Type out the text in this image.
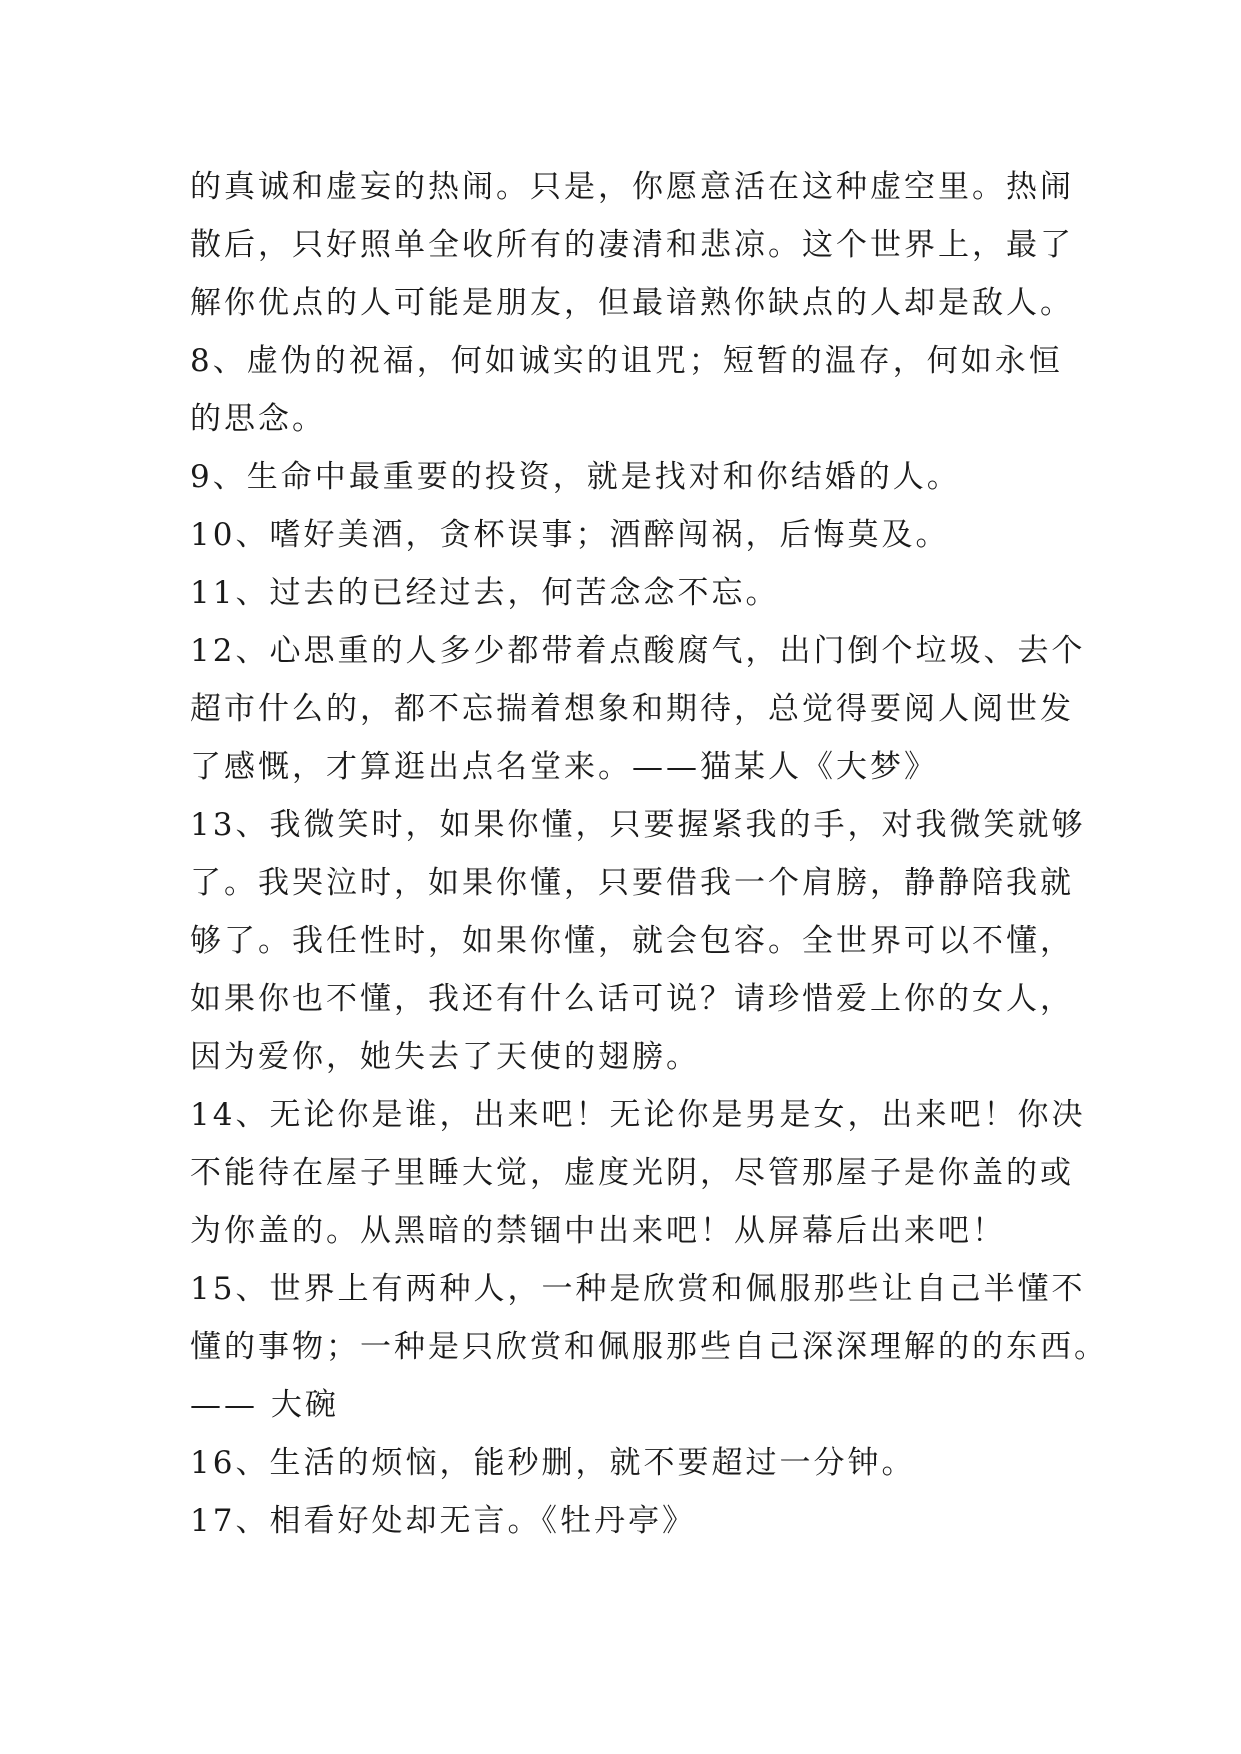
的真诚和虚妄的热闹。只是，你愿意活在这种虚空里。热闹
散后，只好照单全收所有的凄清和悲凉。这个世界上，最了
解你优点的人可能是朋友，但最谙熟你缺点的人却是敌人。
8、虚伪的祝福，何如诚实的诅咒；短暂的温存，何如永恒
的思念。
9、生命中最重要的投资，就是找对和你结婚的人。
10、嗜好美酒，贪杯误事；酒醉闯祸，后悔莫及。
11、过去的已经过去，何苦念念不忘。
12、心思重的人多少都带着点酸腐气，出门倒个垃圾、去个
超市什么的，都不忘揣着想象和期待，总觉得要阅人阅世发
了感慨，才算逛出点名堂来。——猫某人《大梦》
13、我微笑时，如果你懂，只要握紧我的手，对我微笑就够
了。我哭泣时，如果你懂，只要借我一个肩膀，静静陪我就
够了。我任性时，如果你懂，就会包容。全世界可以不懂，
如果你也不懂，我还有什么话可说？请珍惜爱上你的女人，
因为爱你，她失去了天使的翅膀。
14、无论你是谁，出来吧！无论你是男是女，出来吧！你决
不能待在屋子里睡大觉，虚度光阴，尽管那屋子是你盖的或
为你盖的。从黑暗的禁锢中出来吧！从屏幕后出来吧！
15、世界上有两种人，一种是欣赏和佩服那些让自己半懂不
懂的事物；一种是只欣赏和佩服那些自己深深理解的的东西。
—— 大碗
16、生活的烦恼，能秒删，就不要超过一分钟。
17、相看好处却无言。《牡丹亭》
